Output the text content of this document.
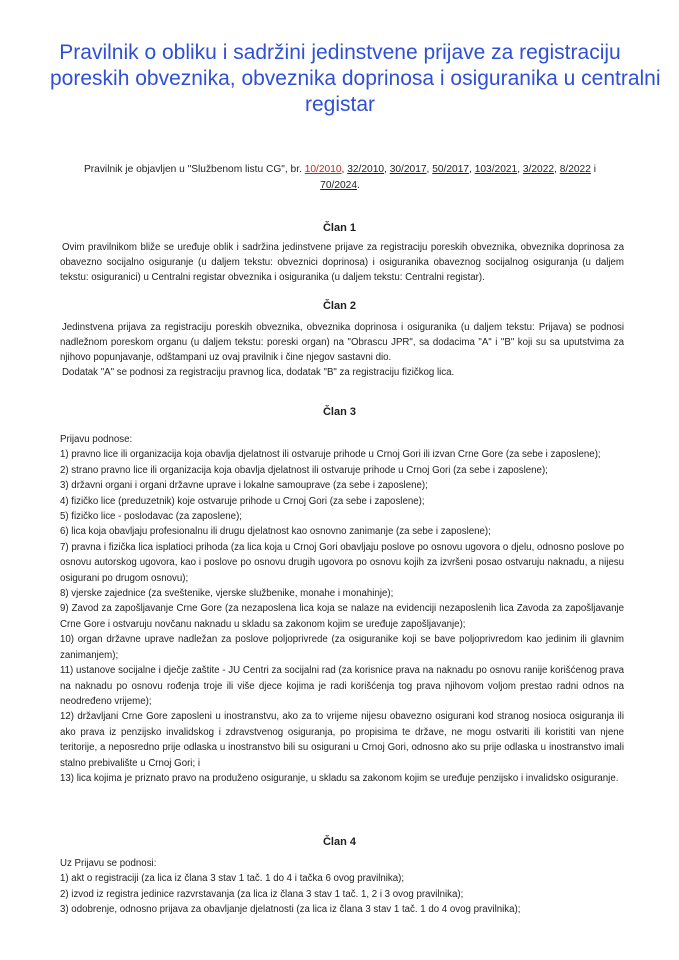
Pravilnik o obliku i sadržini jedinstvene prijave za registraciju
poreskih obveznika, obveznika doprinosa i osiguranika u centralni
registar
Pravilnik je objavljen u "Službenom listu CG", br. 10/2010, 32/2010, 30/2017, 50/2017, 103/2021, 3/2022, 8/2022 i
70/2024.
Član 1

Ovim pravilnikom bliže se uređuje oblik i sadržina jedinstvene prijave za registraciju poreskih obveznika, obveznika doprinosa za obavezno socijalno osiguranje (u daljem tekstu: obveznici doprinosa) i osiguranika obaveznog socijalnog osiguranja (u daljem tekstu: osiguranici) u Centralni registar obveznika i osiguranika (u daljem tekstu: Centralni registar).

Član 2

Jedinstvena prijava za registraciju poreskih obveznika, obveznika doprinosa i osiguranika (u daljem tekstu: Prijava) se podnosi nadležnom poreskom organu (u daljem tekstu: poreski organ) na "Obrascu JPR", sa dodacima "A" i "B" koji su sa uputstvima za njihovo popunjavanje, odštampani uz ovaj pravilnik i čine njegov sastavni dio.

Dodatak "A" se podnosi za registraciju pravnog lica, dodatak "B" za registraciju fizičkog lica.

Član 3

Prijavu podnose:

1) pravno lice ili organizacija koja obavlja djelatnost ili ostvaruje prihode u Crnoj Gori ili izvan Crne Gore (za sebe i zaposlene);

2) strano pravno lice ili organizacija koja obavlja djelatnost ili ostvaruje prihode u Crnoj Gori (za sebe i zaposlene);

3) državni organi i organi državne uprave i lokalne samouprave (za sebe i zaposlene);

4) fizičko lice (preduzetnik) koje ostvaruje prihode u Crnoj Gori (za sebe i zaposlene);

5) fizičko lice - poslodavac (za zaposlene);

6) lica koja obavljaju profesionalnu ili drugu djelatnost kao osnovno zanimanje (za sebe i zaposlene);

7) pravna i fizička lica isplatioci prihoda (za lica koja u Crnoj Gori obavljaju poslove po osnovu ugovora o djelu, odnosno poslove po osnovu autorskog ugovora, kao i poslove po osnovu drugih ugovora po osnovu kojih za izvršeni posao ostvaruju naknadu, a nijesu osigurani po drugom osnovu);

8) vjerske zajednice (za sveštenike, vjerske službenike, monahe i monahinje);

9) Zavod za zapošljavanje Crne Gore (za nezaposlena lica koja se nalaze na evidenciji nezaposlenih lica Zavoda za zapošljavanje Crne Gore i ostvaruju novčanu naknadu u skladu sa zakonom kojim se uređuje zapošljavanje);

10) organ državne uprave nadležan za poslove poljoprivrede (za osiguranike koji se bave poljoprivredom kao jedinim ili glavnim zanimanjem);

11) ustanove socijalne i dječje zaštite - JU Centri za socijalni rad (za korisnice prava na naknadu po osnovu ranije korišćenog prava na naknadu po osnovu rođenja troje ili više djece kojima je radi korišćenja tog prava njihovom voljom prestao radni odnos na neodređeno vrijeme);

12) državljani Crne Gore zaposleni u inostranstvu, ako za to vrijeme nijesu obavezno osigurani kod stranog nosioca osiguranja ili ako prava iz penzijsko invalidskog i zdravstvenog osiguranja, po propisima te države, ne mogu ostvariti ili koristiti van njene teritorije, a neposredno prije odlaska u inostranstvo bili su osigurani u Crnoj Gori, odnosno ako su prije odlaska u inostranstvo imali stalno prebivalište u Crnoj Gori; i

13) lica kojima je priznato pravo na produženo osiguranje, u skladu sa zakonom kojim se uređuje penzijsko i invalidsko osiguranje.

Član 4

Uz Prijavu se podnosi:

1) akt o registraciji (za lica iz člana 3 stav 1 tač. 1 do 4 i tačka 6 ovog pravilnika);

2) izvod iz registra jedinice razvrstavanja (za lica iz člana 3 stav 1 tač. 1, 2 i 3 ovog pravilnika);

3) odobrenje, odnosno prijava za obavljanje djelatnosti (za lica iz člana 3 stav 1 tač. 1 do 4 ovog pravilnika);
